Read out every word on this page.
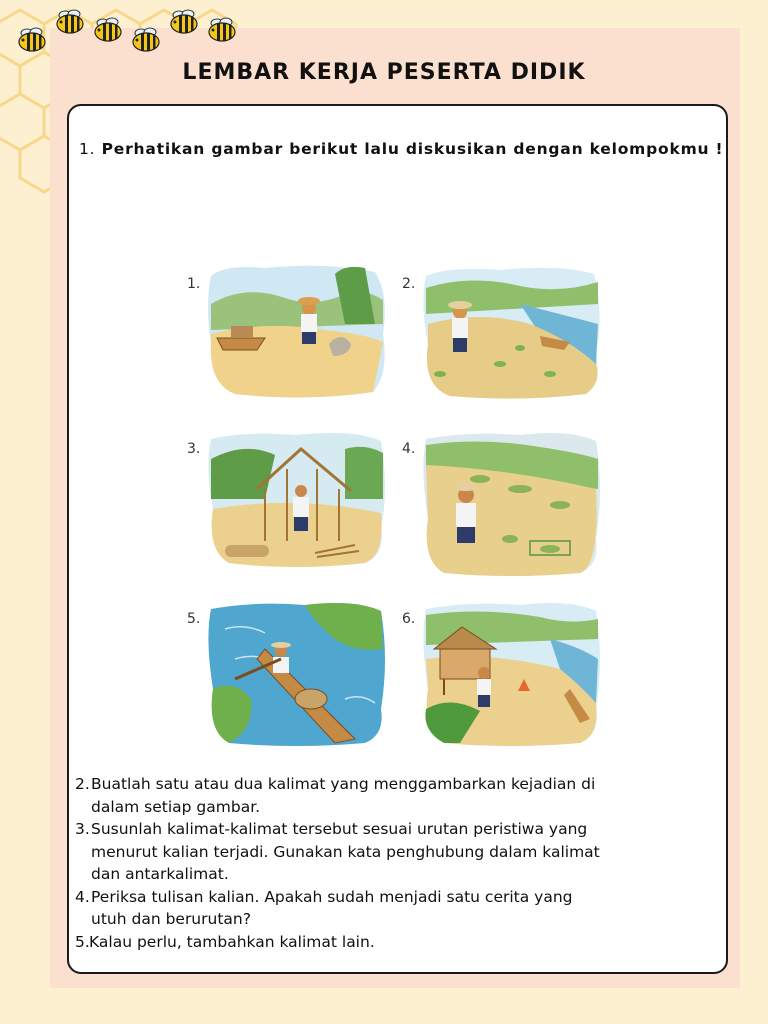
LEMBAR KERJA PESERTA DIDIK
1. Perhatikan gambar berikut lalu diskusikan dengan kelompokmu !
1.	2.
3.	4.
5.	6.
2. Buatlah satu atau dua kalimat yang menggambarkan kejadian di
dalam setiap gambar.
3. Susunlah kalimat-kalimat tersebut sesuai urutan peristiwa yang
menurut kalian terjadi. Gunakan kata penghubung dalam kalimat
dan antarkalimat.
4. Periksa tulisan kalian. Apakah sudah menjadi satu cerita yang
utuh dan berurutan?
5. Kalau perlu, tambahkan kalimat lain.
